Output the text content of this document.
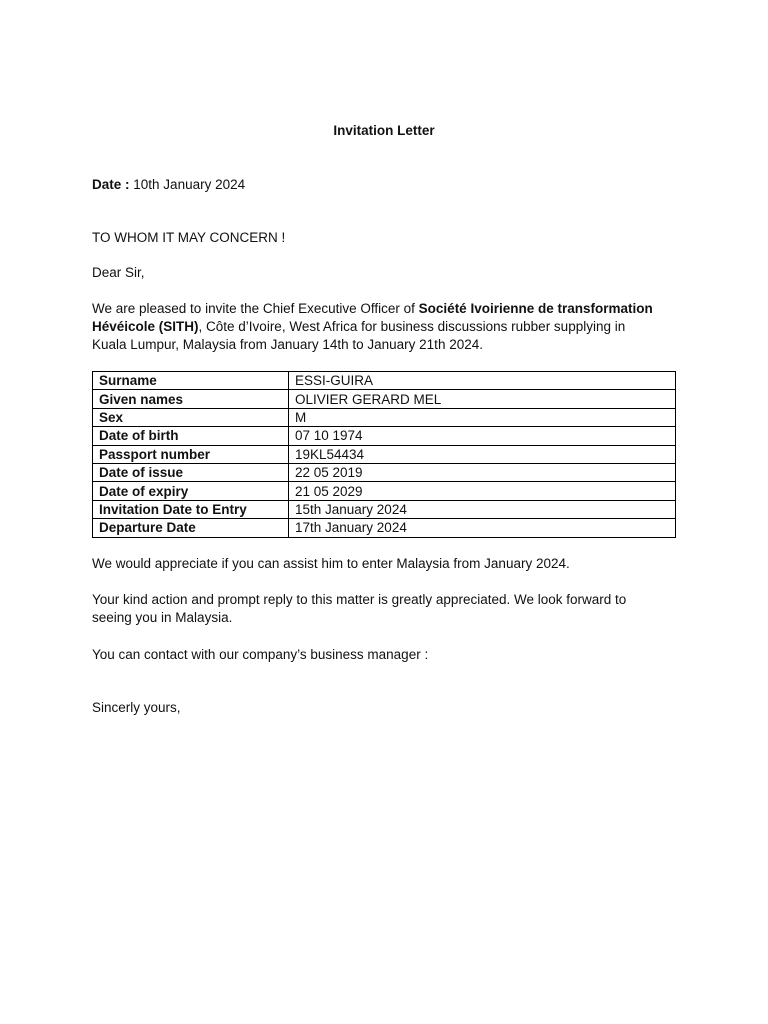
Invitation Letter

Date : 10th January 2024

TO WHOM IT MAY CONCERN !

Dear Sir,

We are pleased to invite the Chief Executive Officer of Société Ivoirienne de transformation
Hévéicole (SITH), Côte d’Ivoire, West Africa for business discussions rubber supplying in
Kuala Lumpur, Malaysia from January 14th to January 21th 2024.
Surname	ESSI-GUIRA
Given names	OLIVIER GERARD MEL
Sex	M
Date of birth	07 10 1974
Passport number	19KL54434
Date of issue	22 05 2019
Date of expiry	21 05 2029
Invitation Date to Entry	15th January 2024
Departure Date	17th January 2024

We would appreciate if you can assist him to enter Malaysia from January 2024.

Your kind action and prompt reply to this matter is greatly appreciated. We look forward to
seeing you in Malaysia.

You can contact with our company’s business manager :

Sincerly yours,
